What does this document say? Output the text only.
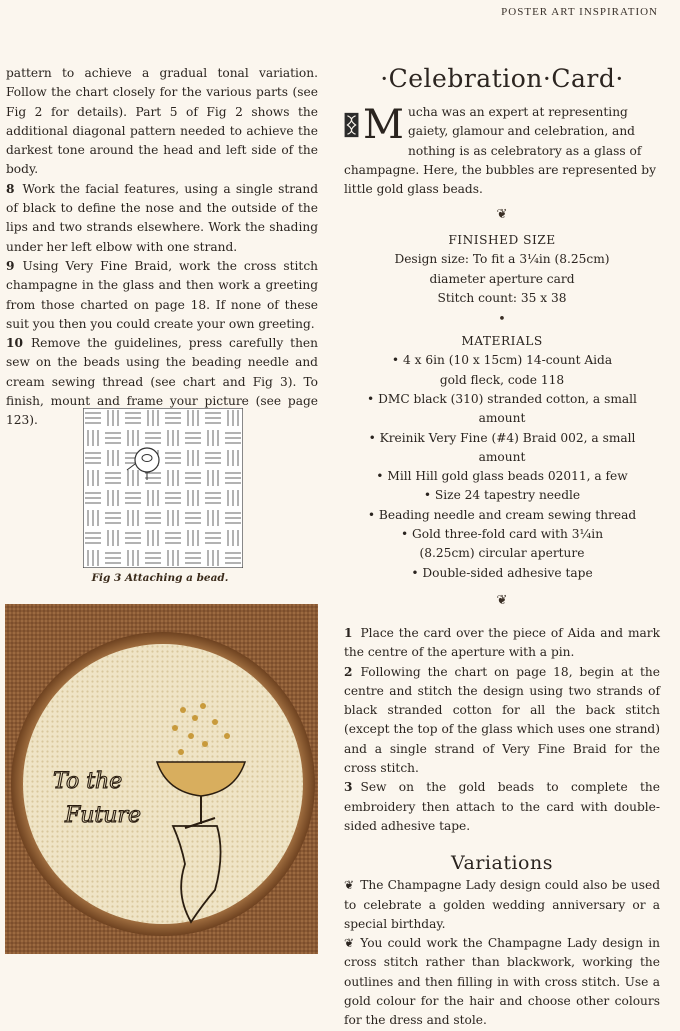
POSTER ART INSPIRATION

pattern to achieve a gradual tonal variation. Follow the chart closely for the various parts (see Fig 2 for details). Part 5 of Fig 2 shows the additional diagonal pattern needed to achieve the darkest tone around the head and left side of the body.

8 Work the facial features, using a single strand of black to define the nose and the outside of the lips and two strands elsewhere. Work the shading under her left elbow with one strand.

9 Using Very Fine Braid, work the cross stitch champagne in the glass and then work a greeting from those charted on page 18. If none of these suit you then you could create your own greeting.

10 Remove the guidelines, press carefully then sew on the beads using the beading needle and cream sewing thread (see chart and Fig 3). To finish, mount and frame your picture (see page 123).

Fig 3 Attaching a bead.
To the
Future
·Celebration·Card·
M ucha was an expert at representing gaiety, glamour and celebration, and nothing is as celebratory as a glass of champagne. Here, the bubbles are represented by little gold glass beads.
❦
FINISHED SIZE
Design size: To fit a 3¼in (8.25cm) diameter aperture card
Stitch count: 35 x 38
•
MATERIALS
• 4 x 6in (10 x 15cm) 14-count Aida gold fleck, code 118
• DMC black (310) stranded cotton, a small amount
• Kreinik Very Fine (#4) Braid 002, a small amount
• Mill Hill gold glass beads 02011, a few
• Size 24 tapestry needle
• Beading needle and cream sewing thread
• Gold three-fold card with 3¼in (8.25cm) circular aperture
• Double-sided adhesive tape
❦

1 Place the card over the piece of Aida and mark the centre of the aperture with a pin.

2 Following the chart on page 18, begin at the centre and stitch the design using two strands of black stranded cotton for all the back stitch (except the top of the glass which uses one strand) and a single strand of Very Fine Braid for the cross stitch.

3 Sew on the gold beads to complete the embroidery then attach to the card with double-sided adhesive tape.

Variations

❦ The Champagne Lady design could also be used to celebrate a golden wedding anniversary or a special birthday.

❦ You could work the Champagne Lady design in cross stitch rather than blackwork, working the outlines and then filling in with cross stitch. Use a gold colour for the hair and choose other colours for the dress and stole.
